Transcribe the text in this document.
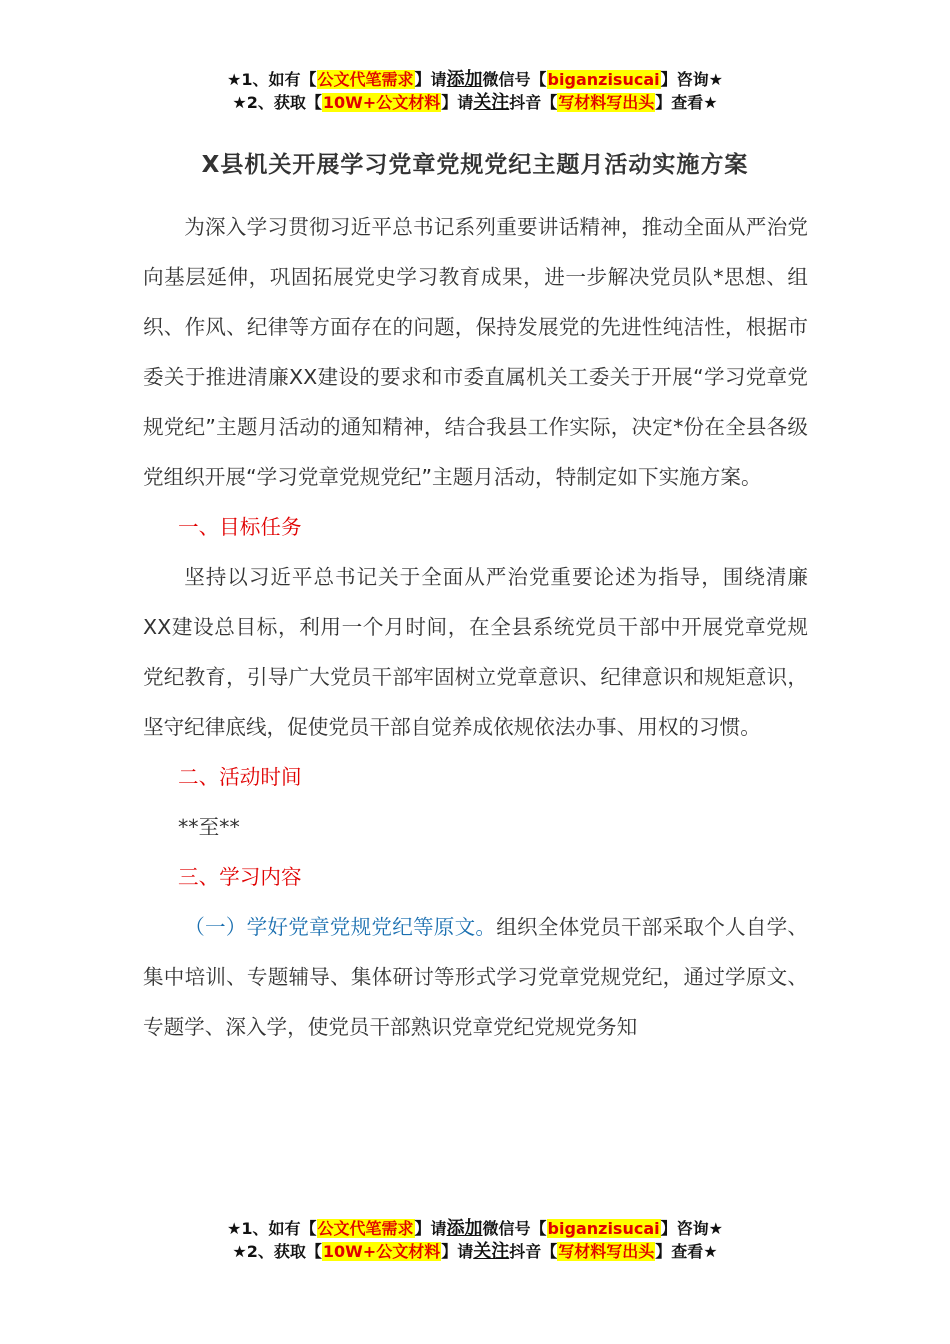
★1、如有【公文代笔需求】请添加微信号【biganzisucai】咨询★
★2、获取【10W+公文材料】请关注抖音【写材料写出头】查看★
X县机关开展学习党章党规党纪主题月活动实施方案

为深入学习贯彻习近平总书记系列重要讲话精神，推动全面从严治党向基层延伸，巩固拓展党史学习教育成果，进一步解决党员队*思想、组织、作风、纪律等方面存在的问题，保持发展党的先进性纯洁性，根据市委关于推进清廉XX建设的要求和市委直属机关工委关于开展“学习党章党规党纪”主题月活动的通知精神，结合我县工作实际，决定*份在全县各级党组织开展“学习党章党规党纪”主题月活动，特制定如下实施方案。

一、目标任务

坚持以习近平总书记关于全面从严治党重要论述为指导，围绕清廉XX建设总目标，利用一个月时间，在全县系统党员干部中开展党章党规党纪教育，引导广大党员干部牢固树立党章意识、纪律意识和规矩意识，坚守纪律底线，促使党员干部自觉养成依规依法办事、用权的习惯。

二、活动时间

**至**

三、学习内容

（一）学好党章党规党纪等原文。组织全体党员干部采取个人自学、集中培训、专题辅导、集体研讨等形式学习党章党规党纪，通过学原文、专题学、深入学，使党员干部熟识党章党纪党规党务知

★1、如有【公文代笔需求】请添加微信号【biganzisucai】咨询★
★2、获取【10W+公文材料】请关注抖音【写材料写出头】查看★
